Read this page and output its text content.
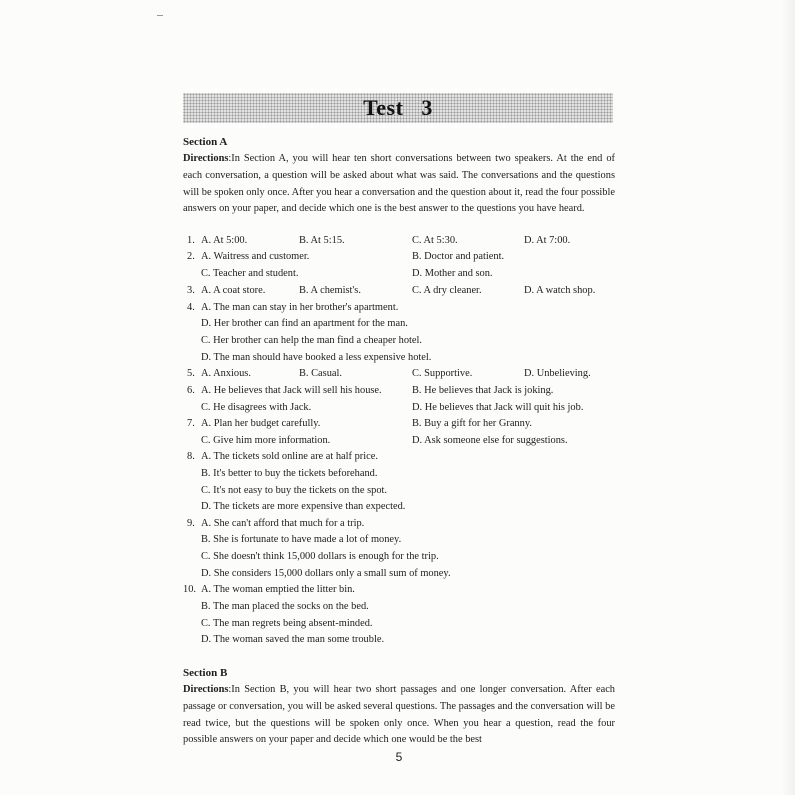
Test   3
Section A
Directions:In Section A, you will hear ten short conversations between two speakers. At the end of each conversation, a question will be asked about what was said. The conversations and the questions will be spoken only once. After you hear a conversation and the question about it, read the four possible answers on your paper, and decide which one is the best answer to the questions you have heard.
1. A. At 5:00.	B. At 5:15.	C. At 5:30.	D. At 7:00.
2. A. Waitress and customer.	B. Doctor and patient.
C. Teacher and student.	D. Mother and son.
3. A. A coat store.	B. A chemist's.	C. A dry cleaner.	D. A watch shop.
4. A. The man can stay in her brother's apartment.
D. Her brother can find an apartment for the man.
C. Her brother can help the man find a cheaper hotel.
D. The man should have booked a less expensive hotel.
5. A. Anxious.	B. Casual.	C. Supportive.	D. Unbelieving.
6. A. He believes that Jack will sell his house.	B. He believes that Jack is joking.
C. He disagrees with Jack.	D. He believes that Jack will quit his job.
7. A. Plan her budget carefully.	B. Buy a gift for her Granny.
C. Give him more information.	D. Ask someone else for suggestions.
8. A. The tickets sold online are at half price.
B. It's better to buy the tickets beforehand.
C. It's not easy to buy the tickets on the spot.
D. The tickets are more expensive than expected.
9. A. She can't afford that much for a trip.
B. She is fortunate to have made a lot of money.
C. She doesn't think 15,000 dollars is enough for the trip.
D. She considers 15,000 dollars only a small sum of money.
10. A. The woman emptied the litter bin.
B. The man placed the socks on the bed.
C. The man regrets being absent-minded.
D. The woman saved the man some trouble.
Section B
Directions:In Section B, you will hear two short passages and one longer conversation. After each passage or conversation, you will be asked several questions. The passages and the conversation will be read twice, but the questions will be spoken only once. When you hear a question, read the four possible answers on your paper and decide which one would be the best
5
